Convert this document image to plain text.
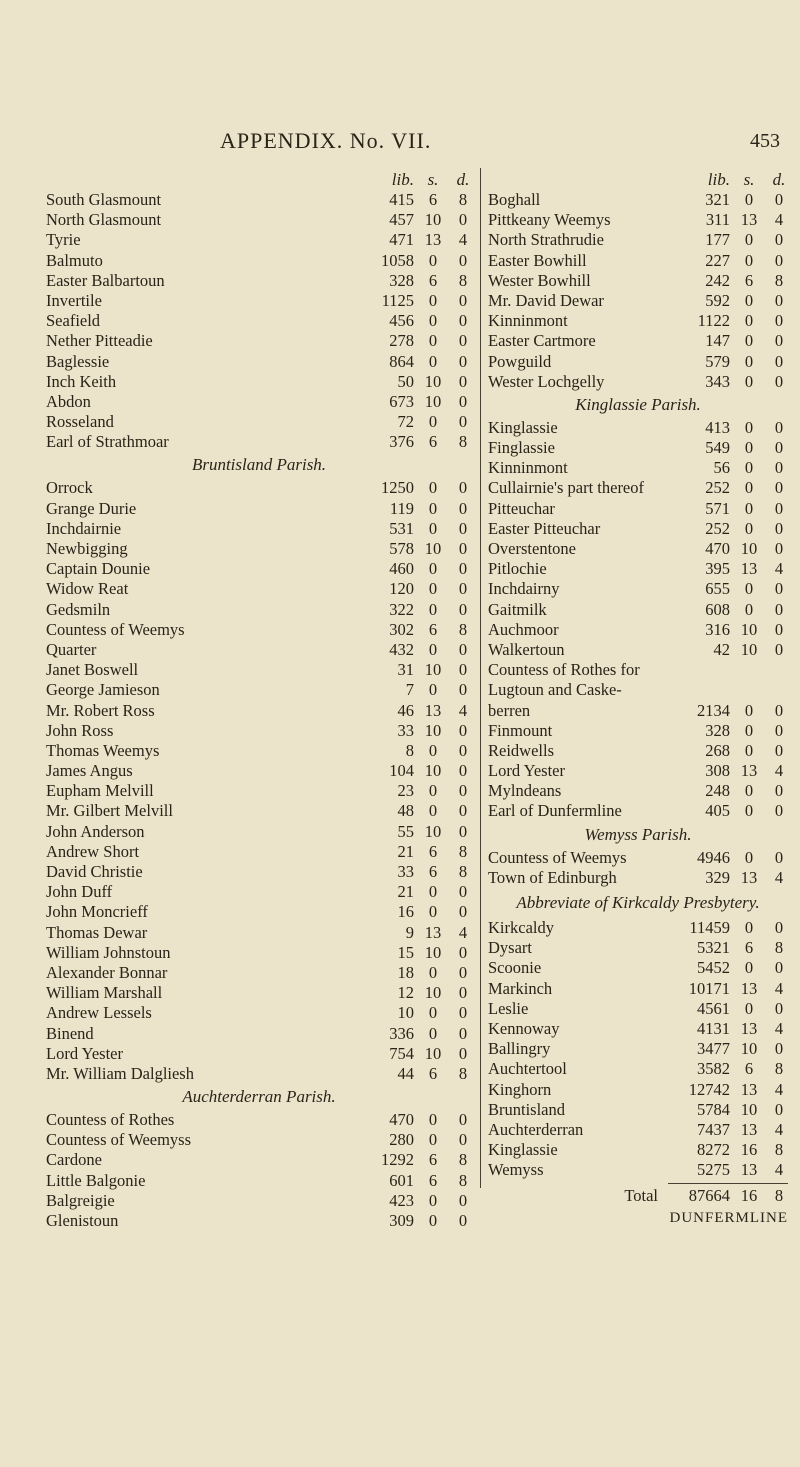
APPENDIX. No. VII.	453
lib. s.	d.	lib. s.	d.
South Glasmount	415 6	8
North Glasmount	457 10 0
Tyrie	471 13 4
Balmuto	1058 0	0
Easter Balbartoun	328 6	8
Invertile	1125 0	0
Seafield	456 0	0
Nether Pitteadie	278 0	0
Baglessie	864 0	0
Inch Keith	50 10 0
Abdon	673 10 0
Rosseland	72 0	0
Earl of Strathmoar	376 6	8
Bruntisland Parish.
Orrock	1250 0	0
Grange Durie	119 0	0
Inchdairnie	531 0	0
Newbigging	578 10 0
Captain Dounie	460 0	0
Widow Reat	120 0	0
Gedsmiln	322 0	0
Countess of Weemys	302 6	8
Quarter	432 0	0
Janet Boswell	31 10 0
George Jamieson	7 0	0
Mr. Robert Ross	46 13 4
John Ross	33 10 0
Thomas Weemys	8 0	0
James Angus	104 10 0
Eupham Melvill	23 0	0
Mr. Gilbert Melvill	48 0	0
John Anderson	55 10 0
Andrew Short	21 6	8
David Christie	33 6	8
John Duff	21 0	0
John Moncrieff	16 0	0
Thomas Dewar	9 13 4
William Johnstoun	15 10 0
Alexander Bonnar	18 0	0
William Marshall	12 10 0
Andrew Lessels	10 0	0
Binend	336 0	0
Lord Yester	754 10 0
Mr. William Dalgliesh	44 6	8
Auchterderran Parish.
Countess of Rothes	470 0	0
Countess of Weemyss	280 0	0
Cardone	1292 6	8
Little Balgonie	601 6	8
Balgreigie	423 0	0
Glenistoun	309 0	0
Boghall	321 0	0
Pittkeany Weemys	311 13 4
North Strathrudie	177 0	0
Easter Bowhill	227 0	0
Wester Bowhill	242 6	8
Mr. David Dewar	592 0	0
Kinninmont	1122 0	0
Easter Cartmore	147 0	0
Powguild	579 0	0
Wester Lochgelly	343 0	0
Kinglassie Parish.
Kinglassie	413 0	0
Finglassie	549 0	0
Kinninmont	56 0	0
Cullairnie's part thereof	252 0	0
Pitteuchar	571 0	0
Easter Pitteuchar	252 0	0
Overstentone	470 10 0
Pitlochie	395 13 4
Inchdairny	655 0	0
Gaitmilk	608 0	0
Auchmoor	316 10 0
Walkertoun	42 10 0
Countess of Rothes for
Lugtoun and Caske-
berren	2134 0	0
Finmount	328 0	0
Reidwells	268 0	0
Lord Yester	308 13 4
Mylndeans	248 0	0
Earl of Dunfermline	405 0	0
Wemyss Parish.
Countess of Weemys	4946 0	0
Town of Edinburgh	329 13 4
Abbreviate of Kirkcaldy Presbytery.
Kirkcaldy	11459 0	0
Dysart	5321 6	8
Scoonie	5452 0	0
Markinch	10171 13 4
Leslie	4561 0	0
Kennoway	4131 13 4
Ballingry	3477 10 0
Auchtertool	3582 6	8
Kinghorn	12742 13 4
Bruntisland	5784 10 0
Auchterderran	7437 13 4
Kinglassie	8272 16 8
Wemyss	5275 13 4
Total 87664 16 8
DUNFERMLINE
